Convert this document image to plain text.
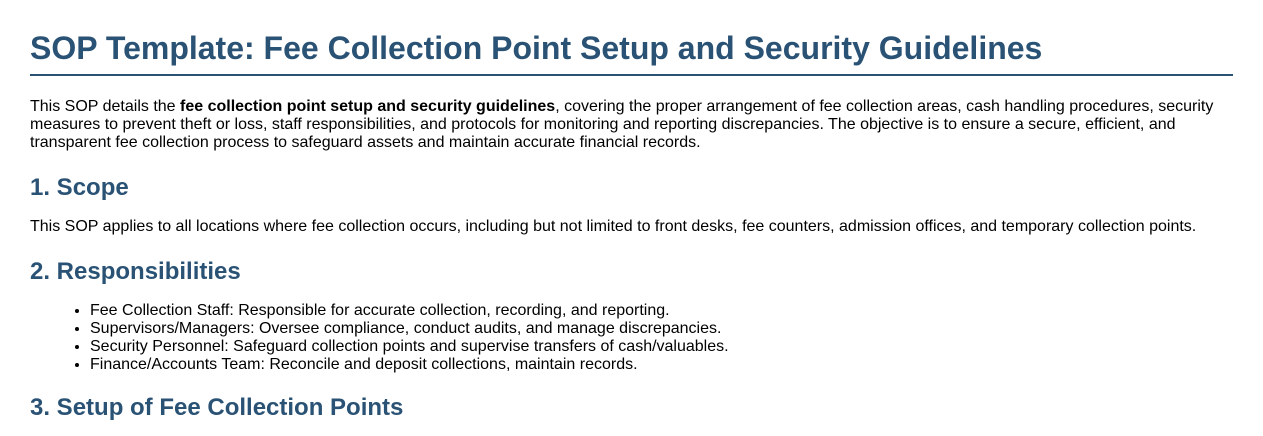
SOP Template: Fee Collection Point Setup and Security Guidelines

This SOP details the fee collection point setup and security guidelines, covering the proper arrangement of fee collection areas, cash handling procedures, security measures to prevent theft or loss, staff responsibilities, and protocols for monitoring and reporting discrepancies. The objective is to ensure a secure, efficient, and transparent fee collection process to safeguard assets and maintain accurate financial records.

1. Scope

This SOP applies to all locations where fee collection occurs, including but not limited to front desks, fee counters, admission offices, and temporary collection points.

2. Responsibilities
• Fee Collection Staff: Responsible for accurate collection, recording, and reporting.
• Supervisors/Managers: Oversee compliance, conduct audits, and manage discrepancies.
• Security Personnel: Safeguard collection points and supervise transfers of cash/valuables.
• Finance/Accounts Team: Reconcile and deposit collections, maintain records.
3. Setup of Fee Collection Points
